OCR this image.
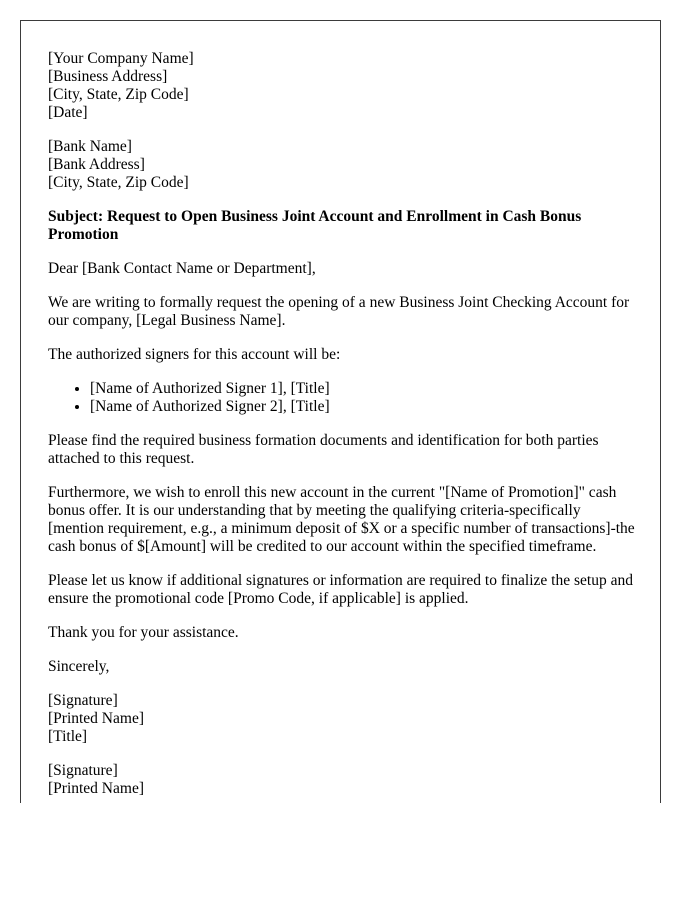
[Your Company Name]
[Business Address]
[City, State, Zip Code]
[Date]
[Bank Name]
[Bank Address]
[City, State, Zip Code]

Subject: Request to Open Business Joint Account and Enrollment in Cash Bonus Promotion

Dear [Bank Contact Name or Department],

We are writing to formally request the opening of a new Business Joint Checking Account for our company, [Legal Business Name].

The authorized signers for this account will be:

• [Name of Authorized Signer 1], [Title]
• [Name of Authorized Signer 2], [Title]

Please find the required business formation documents and identification for both parties attached to this request.

Furthermore, we wish to enroll this new account in the current "[Name of Promotion]" cash bonus offer. It is our understanding that by meeting the qualifying criteria-specifically [mention requirement, e.g., a minimum deposit of $X or a specific number of transactions]-the cash bonus of $[Amount] will be credited to our account within the specified timeframe.

Please let us know if additional signatures or information are required to finalize the setup and ensure the promotional code [Promo Code, if applicable] is applied.

Thank you for your assistance.

Sincerely,

[Signature]
[Printed Name]
[Title]
[Signature]
[Printed Name]
